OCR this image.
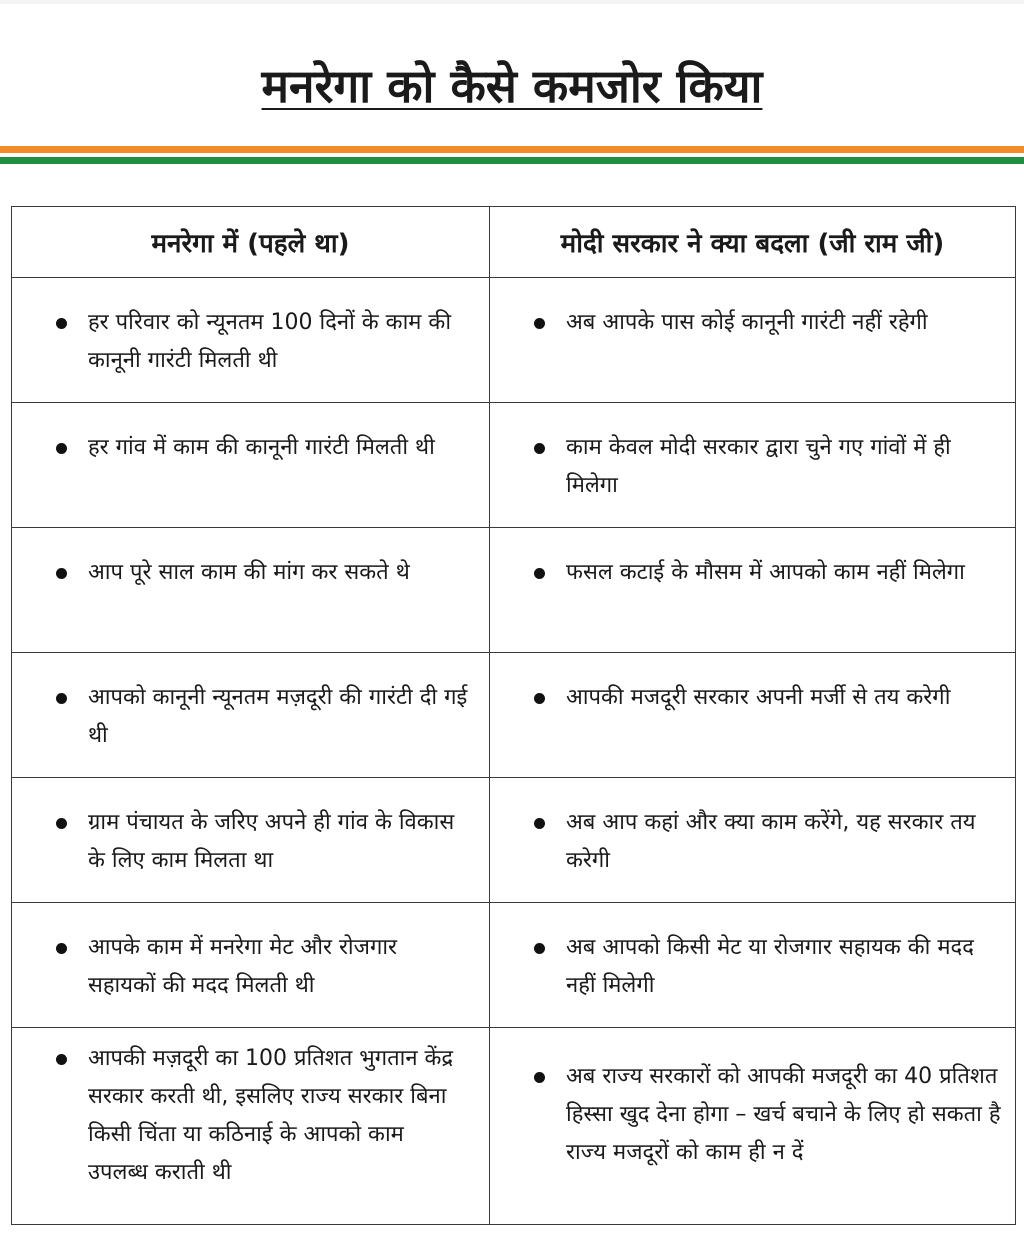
मनरेगा को कैसे कमजोर किया
मनरेगा में (पहले था)	मोदी सरकार ने क्या बदला (जी राम जी)

हर परिवार को न्यूनतम 100 दिनों के काम की कानूनी गारंटी मिलती थी	अब आपके पास कोई कानूनी गारंटी नहीं रहेगी

हर गांव में काम की कानूनी गारंटी मिलती थी	काम केवल मोदी सरकार द्वारा चुने गए गांवों में ही मिलेगा

आप पूरे साल काम की मांग कर सकते थे	फसल कटाई के मौसम में आपको काम नहीं मिलेगा

आपको कानूनी न्यूनतम मज़दूरी की गारंटी दी गई थी	आपकी मजदूरी सरकार अपनी मर्जी से तय करेगी

ग्राम पंचायत के जरिए अपने ही गांव के विकास के लिए काम मिलता था	अब आप कहां और क्या काम करेंगे, यह सरकार तय करेगी

आपके काम में मनरेगा मेट और रोजगार सहायकों की मदद मिलती थी	अब आपको किसी मेट या रोजगार सहायक की मदद नहीं मिलेगी

आपकी मज़दूरी का 100 प्रतिशत भुगतान केंद्र सरकार करती थी, इसलिए राज्य सरकार बिना किसी चिंता या कठिनाई के आपको काम उपलब्ध कराती थी	अब राज्य सरकारों को आपकी मजदूरी का 40 प्रतिशत हिस्सा खुद देना होगा – खर्च बचाने के लिए हो सकता है राज्य मजदूरों को काम ही न दें
